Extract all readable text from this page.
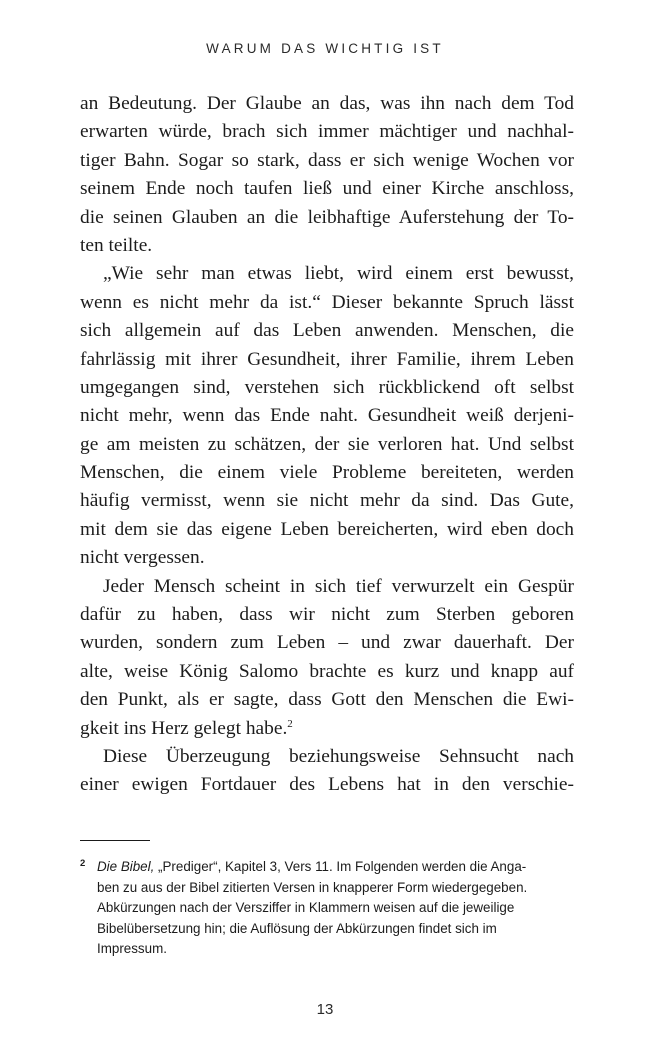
WARUM DAS WICHTIG IST
an Bedeutung. Der Glaube an das, was ihn nach dem Tod
erwarten würde, brach sich immer mächtiger und nachhal-
tiger Bahn. Sogar so stark, dass er sich wenige Wochen vor
seinem Ende noch taufen ließ und einer Kirche anschloss,
die seinen Glauben an die leibhaftige Auferstehung der To-
ten teilte.
„Wie sehr man etwas liebt, wird einem erst bewusst,
wenn es nicht mehr da ist.“ Dieser bekannte Spruch lässt
sich allgemein auf das Leben anwenden. Menschen, die
fahrlässig mit ihrer Gesundheit, ihrer Familie, ihrem Leben
umgegangen sind, verstehen sich rückblickend oft selbst
nicht mehr, wenn das Ende naht. Gesundheit weiß derjeni-
ge am meisten zu schätzen, der sie verloren hat. Und selbst
Menschen, die einem viele Probleme bereiteten, werden
häufig vermisst, wenn sie nicht mehr da sind. Das Gute,
mit dem sie das eigene Leben bereicherten, wird eben doch
nicht vergessen.
Jeder Mensch scheint in sich tief verwurzelt ein Gespür
dafür zu haben, dass wir nicht zum Sterben geboren
wurden, sondern zum Leben – und zwar dauerhaft. Der
alte, weise König Salomo brachte es kurz und knapp auf
den Punkt, als er sagte, dass Gott den Menschen die Ewi-
gkeit ins Herz gelegt habe.$^2$
Diese Überzeugung beziehungsweise Sehnsucht nach
einer ewigen Fortdauer des Lebens hat in den verschie-
2 Die Bibel, „Prediger“, Kapitel 3, Vers 11. Im Folgenden werden die Anga-
ben zu aus der Bibel zitierten Versen in knapperer Form wiedergegeben.
Abkürzungen nach der Versziffer in Klammern weisen auf die jeweilige
Bibelübersetzung hin; die Auflösung der Abkürzungen findet sich im
Impressum.
13
